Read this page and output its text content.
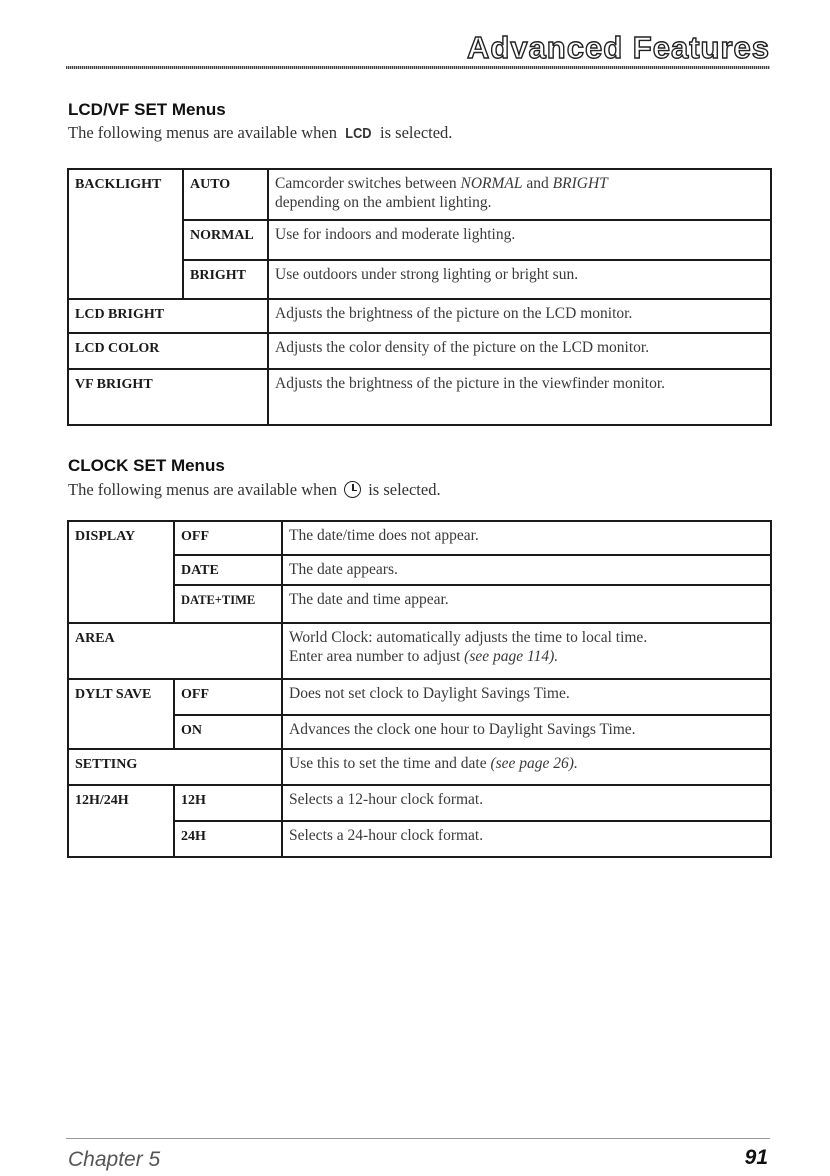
Advanced Features
LCD/VF SET Menus
The following menus are available when LCD is selected.
BACKLIGHT	AUTO	Camcorder switches between NORMAL and BRIGHT
depending on the ambient lighting.
	NORMAL	Use for indoors and moderate lighting.
	BRIGHT	Use outdoors under strong lighting or bright sun.
LCD BRIGHT		Adjusts the brightness of the picture on the LCD monitor.
LCD COLOR		Adjusts the color density of the picture on the LCD monitor.
VF BRIGHT		Adjusts the brightness of the picture in the viewfinder monitor.
CLOCK SET Menus
The following menus are available when is selected.
DISPLAY	OFF	The date/time does not appear.
	DATE	The date appears.
	DATE+TIME	The date and time appear.
AREA		World Clock: automatically adjusts the time to local time.
Enter area number to adjust (see page 114).
DYLT SAVE	OFF	Does not set clock to Daylight Savings Time.
	ON	Advances the clock one hour to Daylight Savings Time.
SETTING		Use this to set the time and date (see page 26).
12H/24H	12H	Selects a 12-hour clock format.
	24H	Selects a 24-hour clock format.
Chapter 5	91
